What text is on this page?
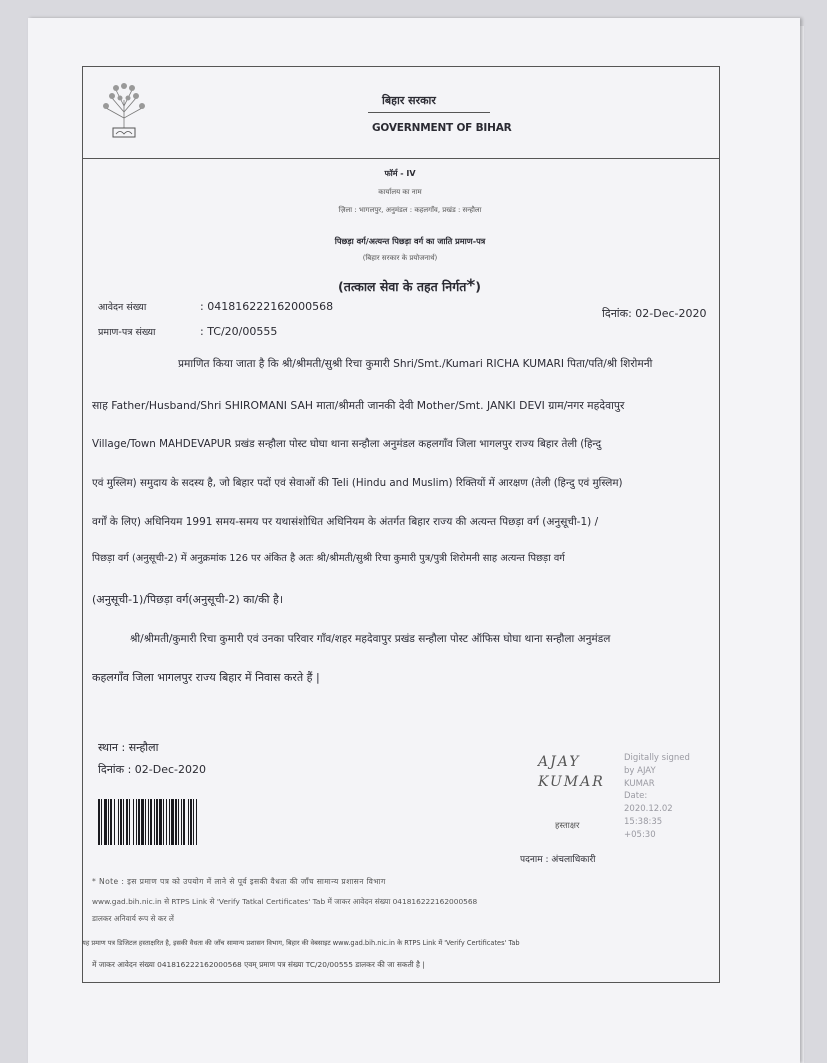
बिहार सरकार
GOVERNMENT OF BIHAR
फॉर्म - IV
कार्यालय का नाम
ज़िला : भागलपुर, अनुमंडल : कहलगाँव, प्रखंड : सन्हौला
पिछड़ा वर्ग/अत्यन्त पिछड़ा वर्ग का जाति प्रमाण-पत्र
(बिहार सरकार के प्रयोजनार्थ)
(तत्काल सेवा के तहत निर्गत*)
आवेदन संख्या	: 041816222162000568
प्रमाण-पत्र संख्या	: TC/20/00555
दिनांक: 02-Dec-2020
प्रमाणित किया जाता है कि श्री/श्रीमती/सुश्री रिचा कुमारी Shri/Smt./Kumari RICHA KUMARI पिता/पति/श्री शिरोमनी
साह Father/Husband/Shri SHIROMANI SAH माता/श्रीमती जानकी देवी Mother/Smt. JANKI DEVI ग्राम/नगर महदेवापुर
Village/Town MAHDEVAPUR प्रखंड सन्हौला पोस्ट घोघा थाना सन्हौला अनुमंडल कहलगाँव जिला भागलपुर राज्य बिहार तेली (हिन्दु
एवं मुस्लिम) समुदाय के सदस्य है, जो बिहार पदों एवं सेवाओं की Teli (Hindu and Muslim) रिक्तियों में आरक्षण (तेली (हिन्दु एवं मुस्लिम)
वर्गों के लिए) अधिनियम 1991 समय-समय पर यथासंशोधित अधिनियम के अंतर्गत बिहार राज्य की अत्यन्त पिछड़ा वर्ग (अनुसूची-1) /
पिछड़ा वर्ग (अनुसूची-2) में अनुक्रमांक 126 पर अंकित है अतः श्री/श्रीमती/सुश्री रिचा कुमारी पुत्र/पुत्री शिरोमनी साह अत्यन्त पिछड़ा वर्ग
(अनुसूची-1)/पिछड़ा वर्ग(अनुसूची-2) का/की है।
श्री/श्रीमती/कुमारी रिचा कुमारी एवं उनका परिवार गाँव/शहर महदेवापुर प्रखंड सन्हौला पोस्ट ऑफिस घोघा थाना सन्हौला अनुमंडल
कहलगाँव जिला भागलपुर राज्य बिहार में निवास करते हैं |
स्थान : सन्हौला
दिनांक : 02-Dec-2020	AJAY KUMAR
Digitally signed
by AJAY
KUMAR
Date:
2020.12.02
15:38:35
+05:30
हस्ताक्षर
पदनाम : अंचलाधिकारी
* Note : इस प्रमाण पत्र को उपयोग में लाने से पूर्व इसकी वैधता की जाँच सामान्य प्रशासन विभाग
www.gad.bih.nic.in से RTPS Link से 'Verify Tatkal Certificates' Tab में जाकर आवेदन संख्या 041816222162000568
डालकर अनिवार्य रूप से कर लें
यह प्रमाण पत्र डिजिटल हस्ताक्षरित है, इसकी वैधता की जाँच सामान्य प्रशासन विभाग, बिहार की वेबसाइट www.gad.bih.nic.in के RTPS Link में 'Verify Certificates' Tab
में जाकर आवेदन संख्या 041816222162000568 एवम् प्रमाण पत्र संख्या TC/20/00555 डालकर की जा सकती है |
